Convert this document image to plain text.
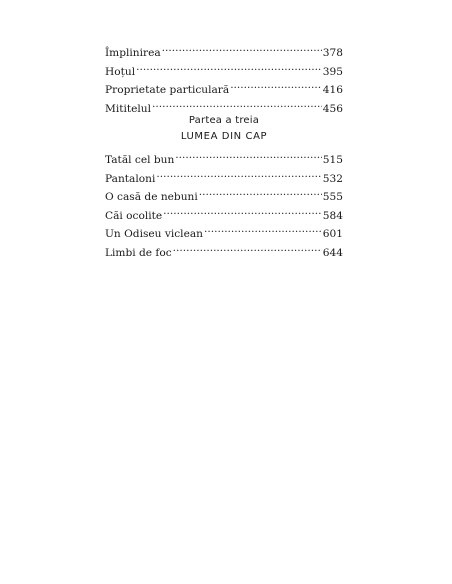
Împlinirea .....	378
Hoțul .....	395
Proprietate particulară .....	416
Mititelul .....	456
Partea a treia
LUMEA DIN CAP
Tatăl cel bun .....	515
Pantaloni .....	532
O casă de nebuni .....	555
Căi ocolite .....	584
Un Odiseu viclean .....	601
Limbi de foc .....	644
